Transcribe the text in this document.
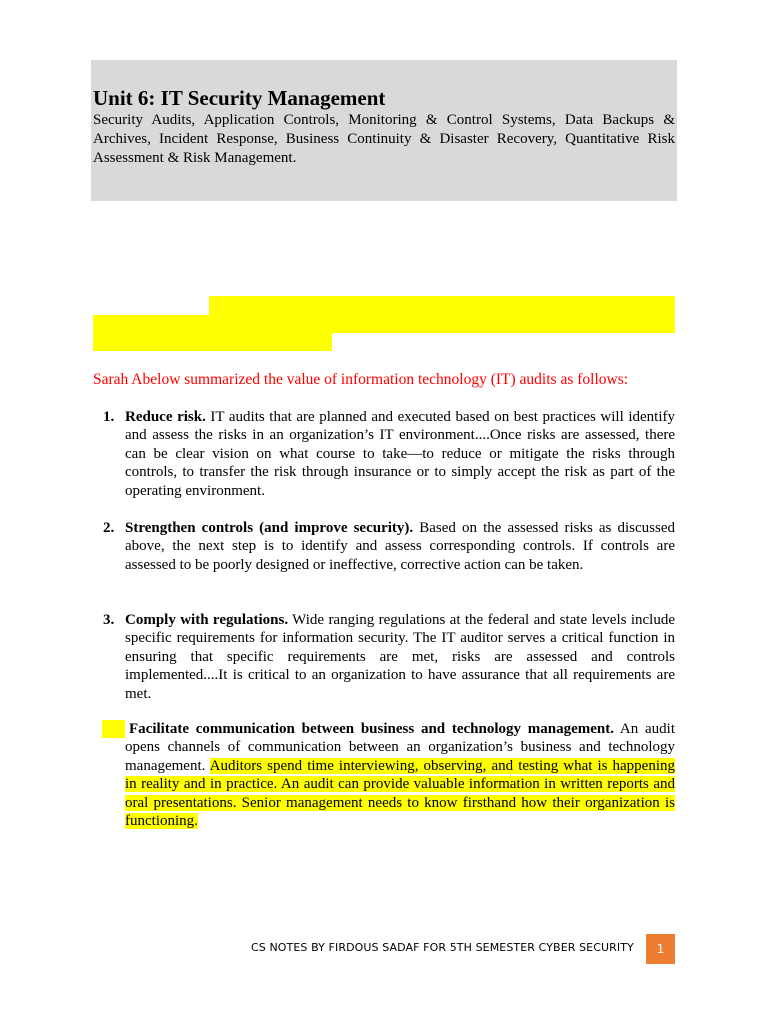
Unit 6: IT Security Management

Security Audits, Application Controls, Monitoring & Control Systems, Data Backups & Archives, Incident Response, Business Continuity & Disaster Recovery, Quantitative Risk Assessment & Risk Management.

Sarah Abelow summarized the value of information technology (IT) audits as follows:

1. Reduce risk. IT audits that are planned and executed based on best practices will identify and assess the risks in an organization’s IT environment....Once risks are assessed, there can be clear vision on what course to take—to reduce or mitigate the risks through controls, to transfer the risk through insurance or to simply accept the risk as part of the operating environment.
2. Strengthen controls (and improve security). Based on the assessed risks as discussed above, the next step is to identify and assess corresponding controls. If controls are assessed to be poorly designed or ineffective, corrective action can be taken.
3. Comply with regulations. Wide ranging regulations at the federal and state levels include specific requirements for information security. The IT auditor serves a critical function in ensuring that specific requirements are met, risks are assessed and controls implemented....It is critical to an organization to have assurance that all requirements are met.
Facilitate communication between business and technology management. An audit opens channels of communication between an organization’s business and technology management. Auditors spend time interviewing, observing, and testing what is happening in reality and in practice. An audit can provide valuable information in written reports and oral presentations. Senior management needs to know firsthand how their organization is functioning.
CS NOTES BY FIRDOUS SADAF FOR 5TH SEMESTER CYBER SECURITY	1
